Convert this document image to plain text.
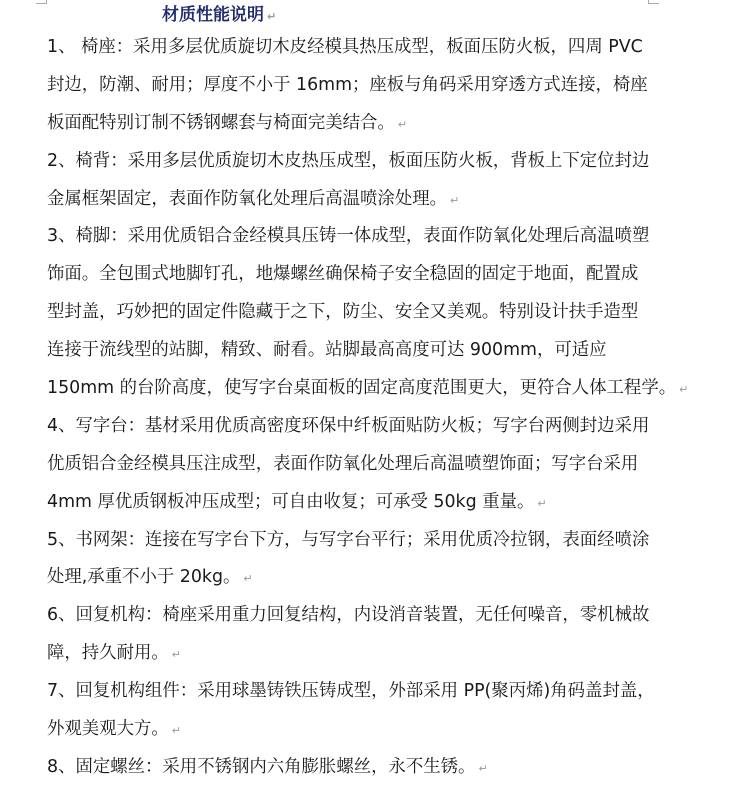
材质性能说明 ↵
1、 椅座：采用多层优质旋切木皮经模具热压成型，板面压防火板，四周 PVC
封边，防潮、耐用；厚度不小于 16mm；座板与角码采用穿透方式连接，椅座
板面配特别订制不锈钢螺套与椅面完美结合。 ↵
2、椅背：采用多层优质旋切木皮热压成型，板面压防火板，背板上下定位封边
金属框架固定，表面作防氧化处理后高温喷涂处理。 ↵
3、椅脚：采用优质铝合金经模具压铸一体成型，表面作防氧化处理后高温喷塑
饰面。全包围式地脚钉孔，地爆螺丝确保椅子安全稳固的固定于地面，配置成
型封盖，巧妙把的固定件隐藏于之下，防尘、安全又美观。特别设计扶手造型
连接于流线型的站脚，精致、耐看。站脚最高高度可达 900mm，可适应
150mm 的台阶高度，使写字台桌面板的固定高度范围更大，更符合人体工程学。 ↵
4、写字台：基材采用优质高密度环保中纤板面贴防火板；写字台两侧封边采用
优质铝合金经模具压注成型，表面作防氧化处理后高温喷塑饰面；写字台采用
4mm 厚优质钢板冲压成型；可自由收复；可承受 50kg 重量。 ↵
5、书网架：连接在写字台下方，与写字台平行；采用优质冷拉钢，表面经喷涂
处理,承重不小于 20kg。 ↵
6、回复机构：椅座采用重力回复结构，内设消音装置，无任何噪音，零机械故
障，持久耐用。 ↵
7、回复机构组件：采用球墨铸铁压铸成型，外部采用 PP(聚丙烯)角码盖封盖，
外观美观大方。 ↵
8、固定螺丝：采用不锈钢内六角膨胀螺丝，永不生锈。 ↵
